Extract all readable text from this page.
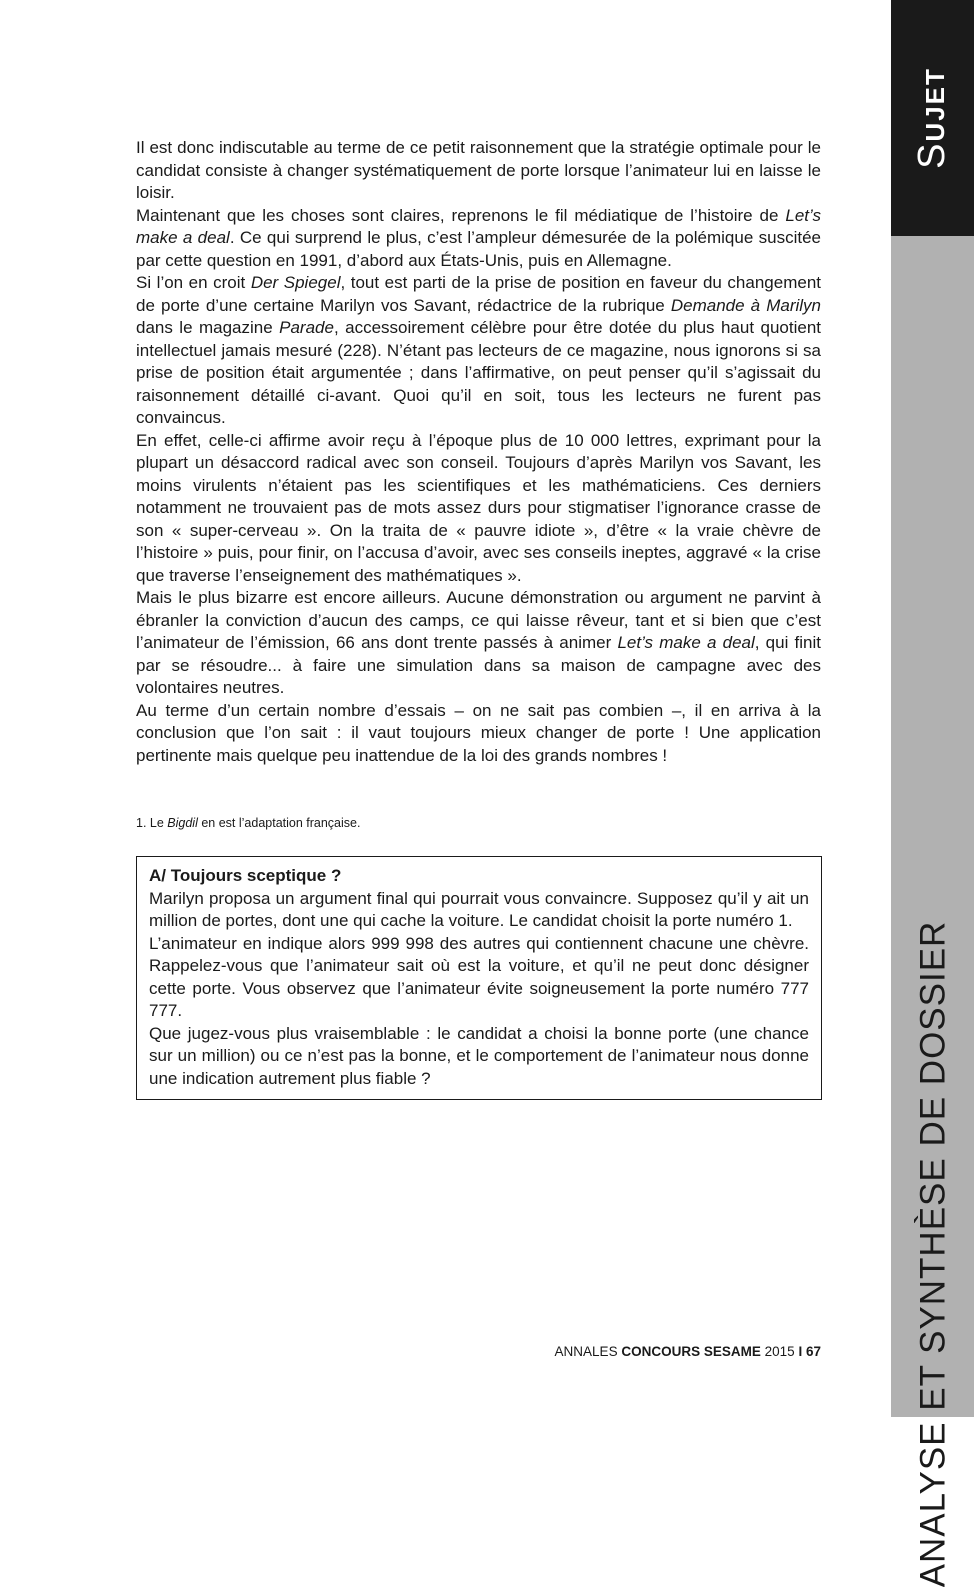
SUJET
ANALYSE ET SYNTHÈSE DE DOSSIER

Il est donc indiscutable au terme de ce petit raisonnement que la stratégie optimale pour le candidat consiste à changer systématiquement de porte lorsque l’animateur lui en laisse le loisir.

Maintenant que les choses sont claires, reprenons le fil médiatique de l’histoire de Let’s make a deal. Ce qui surprend le plus, c’est l’ampleur démesurée de la polémique suscitée par cette question en 1991, d’abord aux États-Unis, puis en Allemagne.

Si l’on en croit Der Spiegel, tout est parti de la prise de position en faveur du changement de porte d’une certaine Marilyn vos Savant, rédactrice de la rubrique Demande à Marilyn dans le magazine Parade, accessoirement célèbre pour être dotée du plus haut quotient intellectuel jamais mesuré (228). N’étant pas lecteurs de ce magazine, nous ignorons si sa prise de position était argumentée ; dans l’affirmative, on peut penser qu’il s’agissait du raisonnement détaillé ci-avant. Quoi qu’il en soit, tous les lecteurs ne furent pas convaincus.

En effet, celle-ci affirme avoir reçu à l’époque plus de 10 000 lettres, exprimant pour la plupart un désaccord radical avec son conseil. Toujours d’après Marilyn vos Savant, les moins virulents n’étaient pas les scientifiques et les mathématiciens. Ces derniers notamment ne trouvaient pas de mots assez durs pour stigmatiser l’ignorance crasse de son « super-cerveau ». On la traita de « pauvre idiote », d’être « la vraie chèvre de l’histoire » puis, pour finir, on l’accusa d’avoir, avec ses conseils ineptes, aggravé « la crise que traverse l’enseignement des mathématiques ».

Mais le plus bizarre est encore ailleurs. Aucune démonstration ou argument ne parvint à ébranler la conviction d’aucun des camps, ce qui laisse rêveur, tant et si bien que c’est l’animateur de l’émission, 66 ans dont trente passés à animer Let’s make a deal, qui finit par se résoudre... à faire une simulation dans sa maison de campagne avec des volontaires neutres.

Au terme d’un certain nombre d’essais – on ne sait pas combien –, il en arriva à la conclusion que l’on sait : il vaut toujours mieux changer de porte ! Une application pertinente mais quelque peu inattendue de la loi des grands nombres !

1. Le Bigdil en est l’adaptation française.

A/ Toujours sceptique ?

Marilyn proposa un argument final qui pourrait vous convaincre. Supposez qu’il y ait un million de portes, dont une qui cache la voiture. Le candidat choisit la porte numéro 1.

L’animateur en indique alors 999 998 des autres qui contiennent chacune une chèvre. Rappelez-vous que l’animateur sait où est la voiture, et qu’il ne peut donc désigner cette porte. Vous observez que l’animateur évite soigneusement la porte numéro 777 777.

Que jugez-vous plus vraisemblable : le candidat a choisi la bonne porte (une chance sur un million) ou ce n’est pas la bonne, et le comportement de l’animateur nous donne une indication autrement plus fiable ?

ANNALES CONCOURS SESAME 2015 I 67
